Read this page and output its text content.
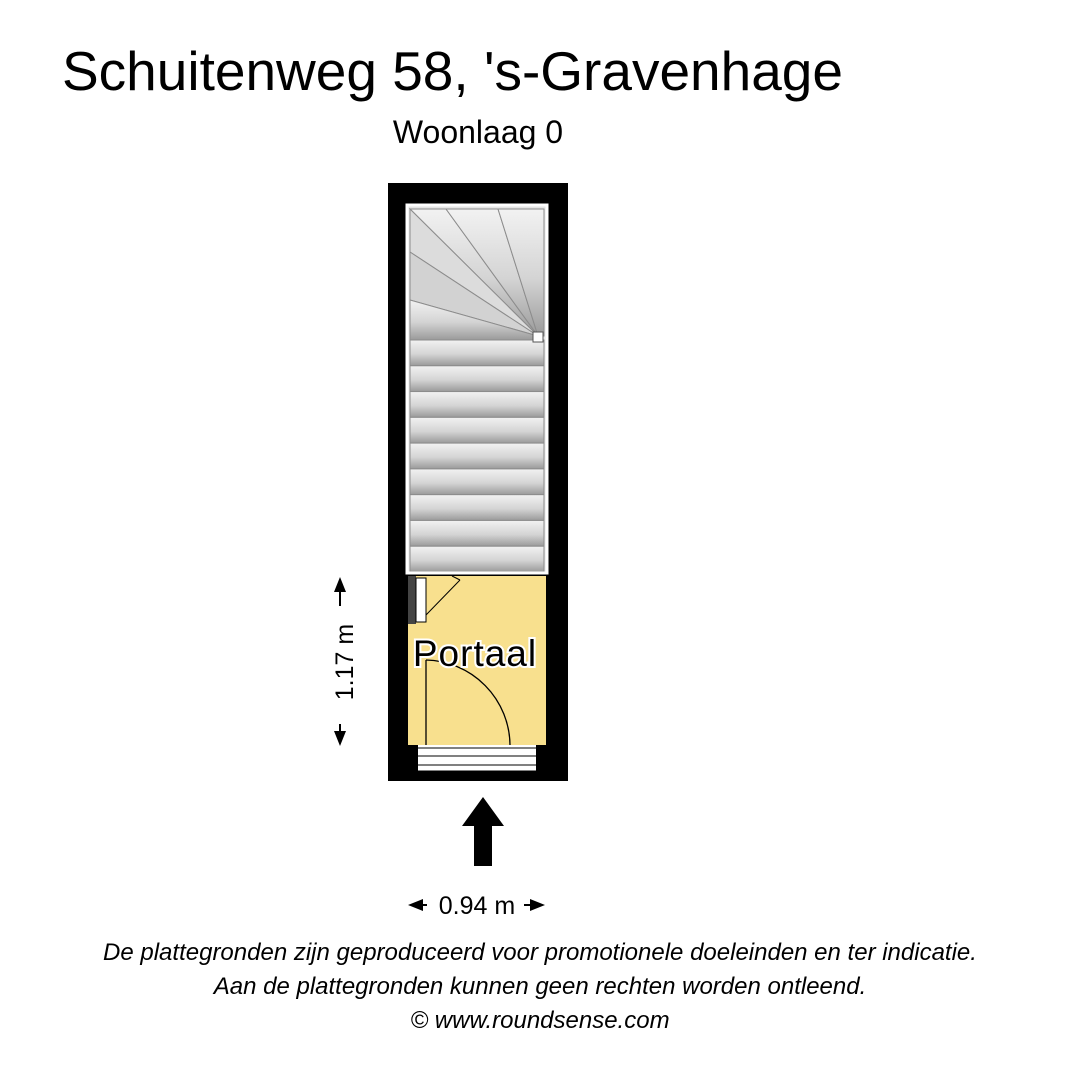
Schuitenweg 58, 's-Gravenhage
Woonlaag 0
Portaal
1.17 m
0.94 m
De plattegronden zijn geproduceerd voor promotionele doeleinden en ter indicatie.
Aan de plattegronden kunnen geen rechten worden ontleend.
© www.roundsense.com
